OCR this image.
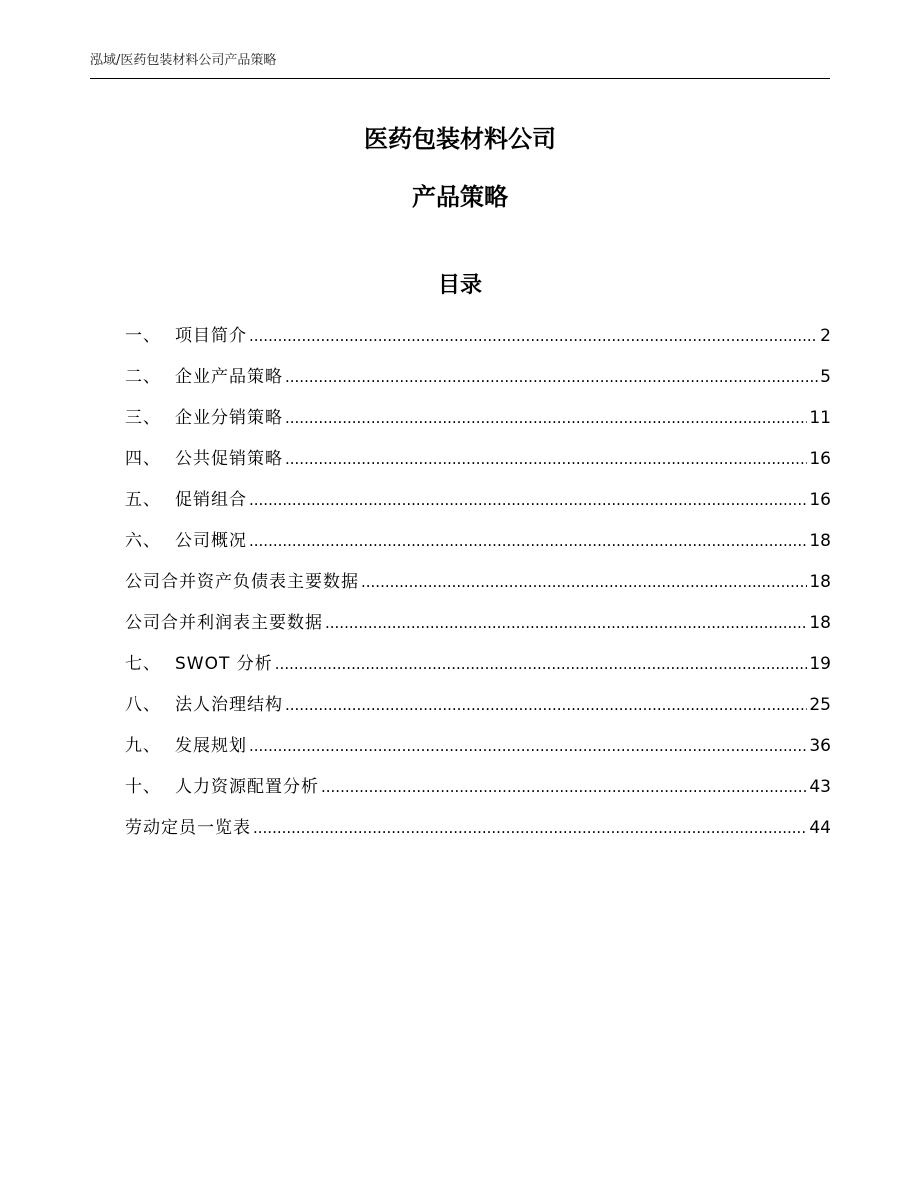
泓域/医药包装材料公司产品策略
医药包装材料公司
产品策略
目录
一、 项目简介 .....	2
二、 企业产品策略 .....	5
三、 企业分销策略 .....	11
四、 公共促销策略 .....	16
五、 促销组合 .....	16
六、 公司概况 .....	18
公司合并资产负债表主要数据 .....	18
公司合并利润表主要数据 .....	18
七、 SWOT 分析 .....	19
八、 法人治理结构 .....	25
九、 发展规划 .....	36
十、 人力资源配置分析 .....	43
劳动定员一览表 .....	44
